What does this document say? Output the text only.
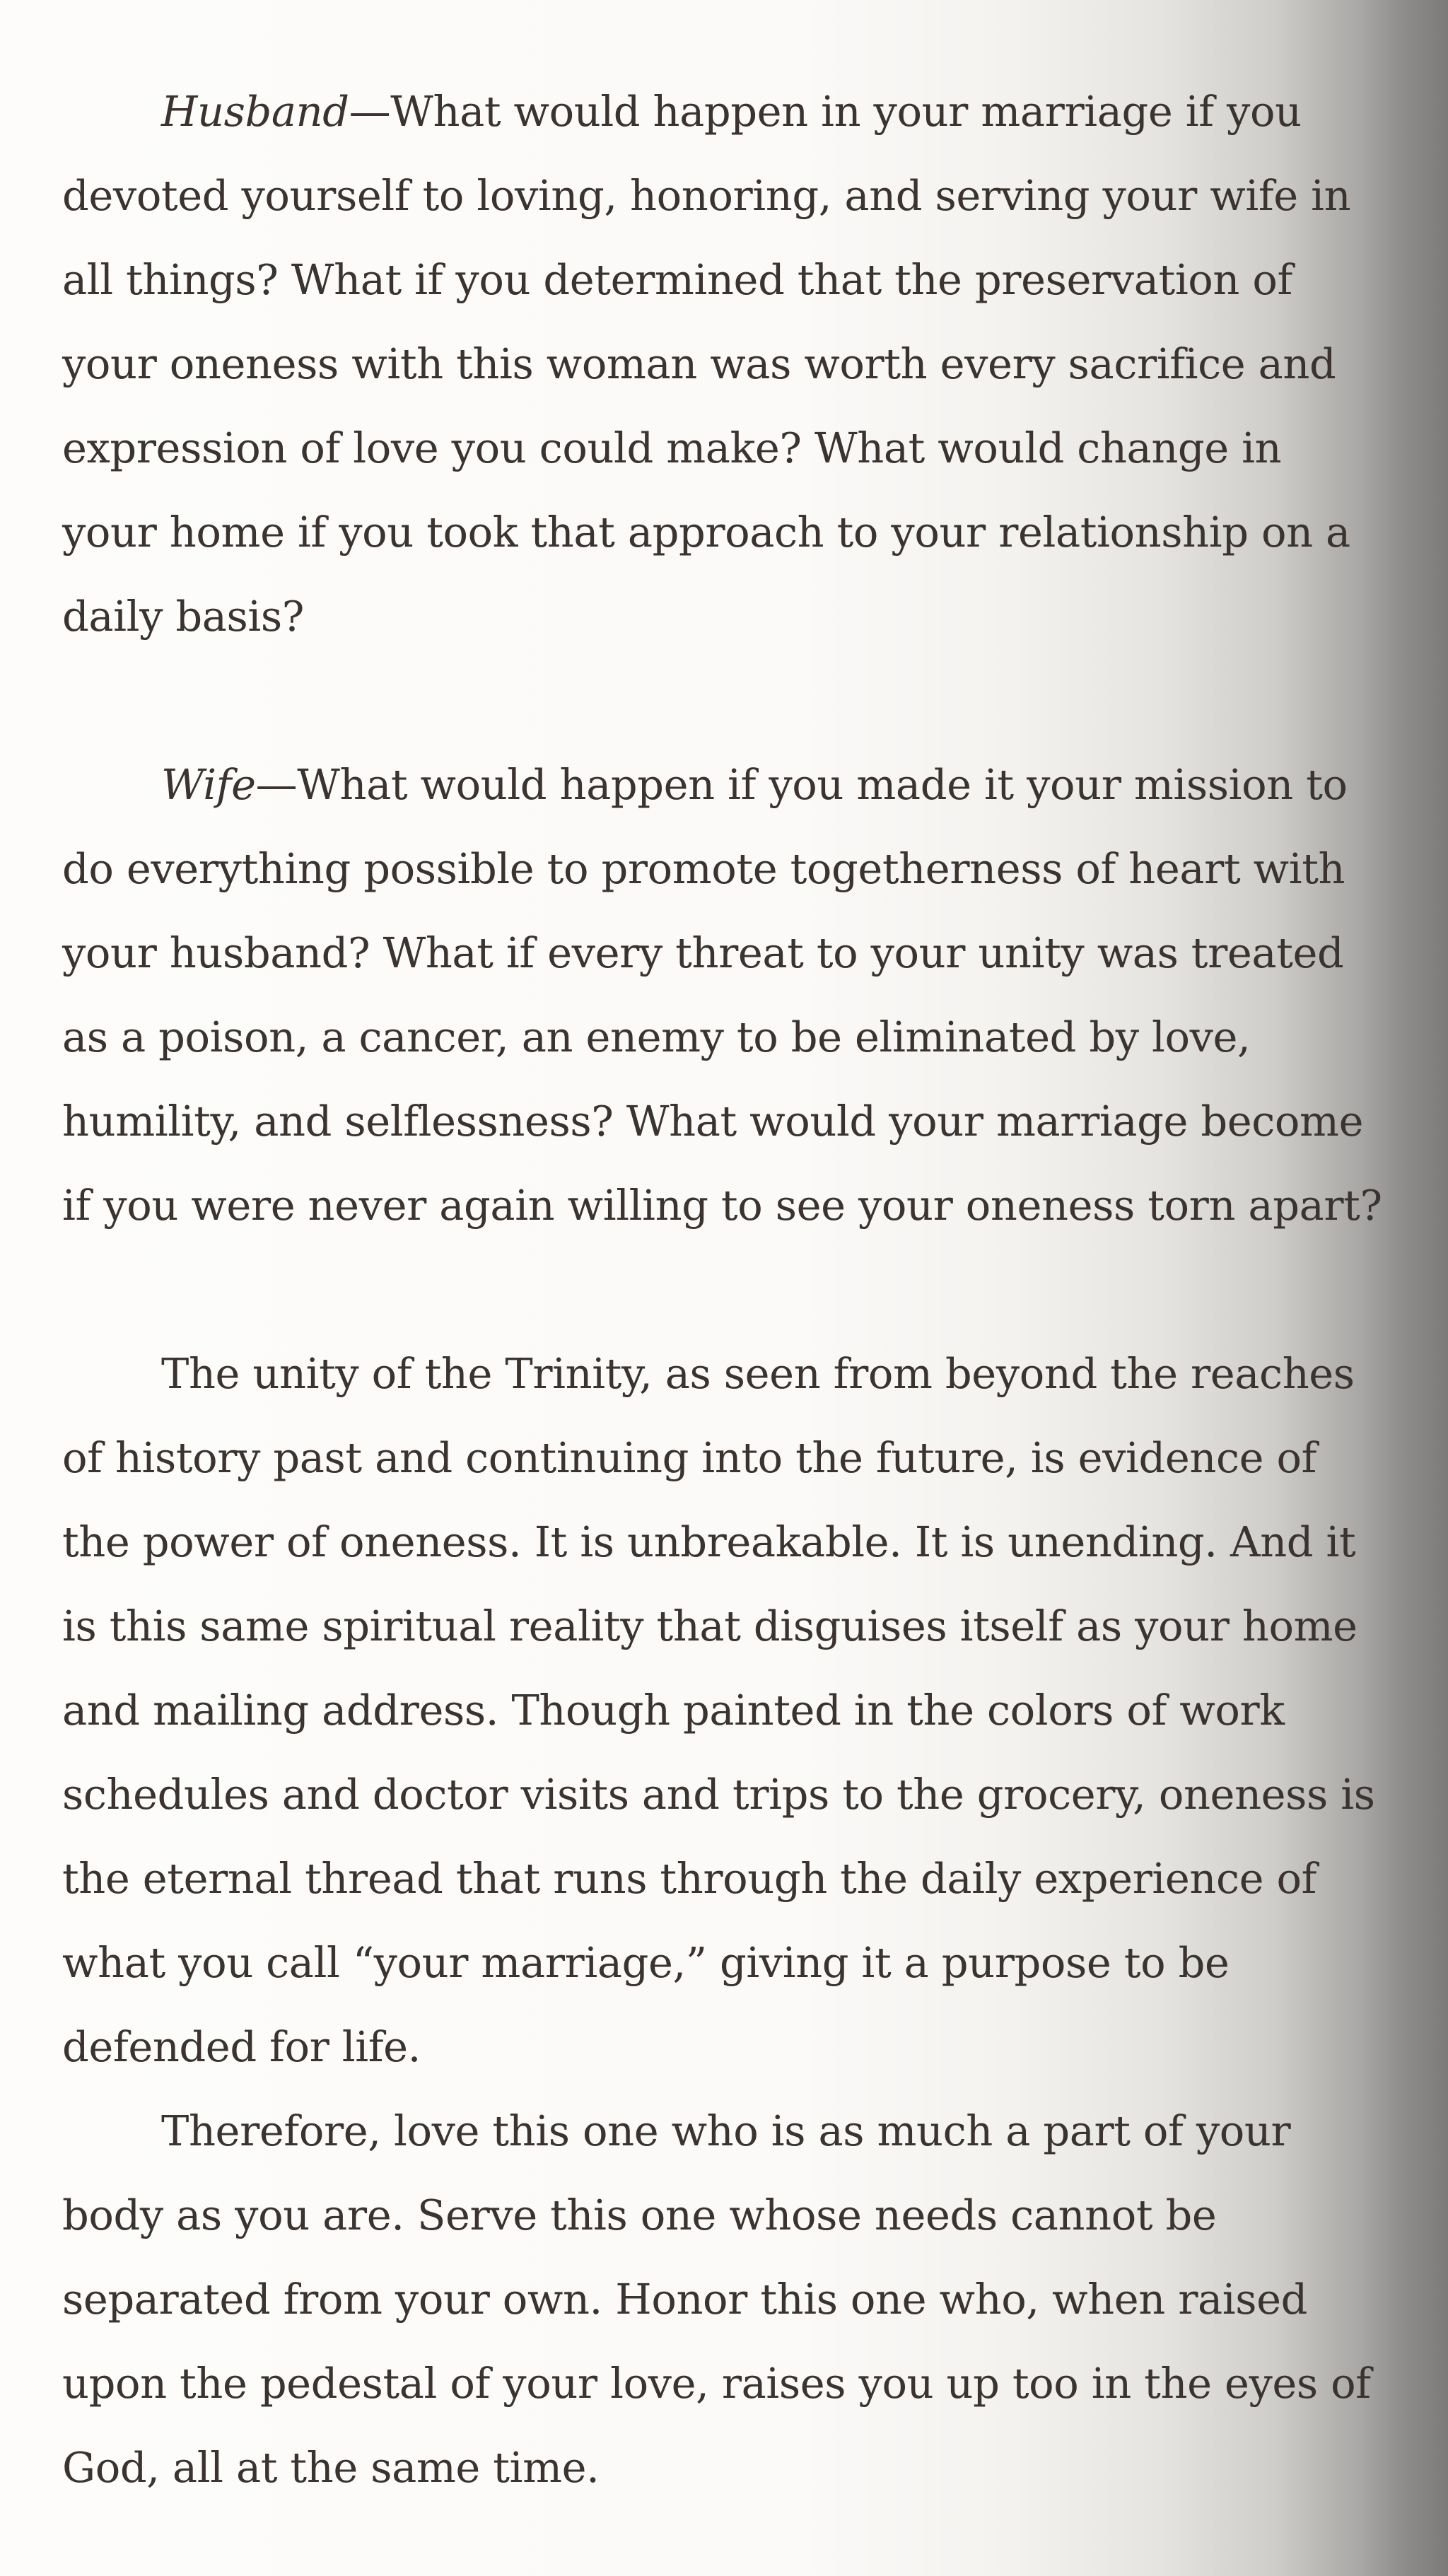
Husband—What would happen in your marriage if you devoted yourself to loving, honoring, and serving your wife in all things? What if you determined that the preservation of your oneness with this woman was worth every sacrifice and expression of love you could make? What would change in your home if you took that approach to your relationship on a daily basis?

Wife—What would happen if you made it your mission to do everything possible to promote togetherness of heart with your husband? What if every threat to your unity was treated as a poison, a cancer, an enemy to be eliminated by love, humility, and selflessness? What would your marriage become if you were never again willing to see your oneness torn apart?

The unity of the Trinity, as seen from beyond the reaches of history past and continuing into the future, is evidence of the power of oneness. It is unbreakable. It is unending. And it is this same spiritual reality that disguises itself as your home and mailing address. Though painted in the colors of work schedules and doctor visits and trips to the grocery, oneness is the eternal thread that runs through the daily experience of what you call “your marriage,” giving it a purpose to be defended for life.

Therefore, love this one who is as much a part of your body as you are. Serve this one whose needs cannot be separated from your own. Honor this one who, when raised upon the pedestal of your love, raises you up too in the eyes of God, all at the same time.
